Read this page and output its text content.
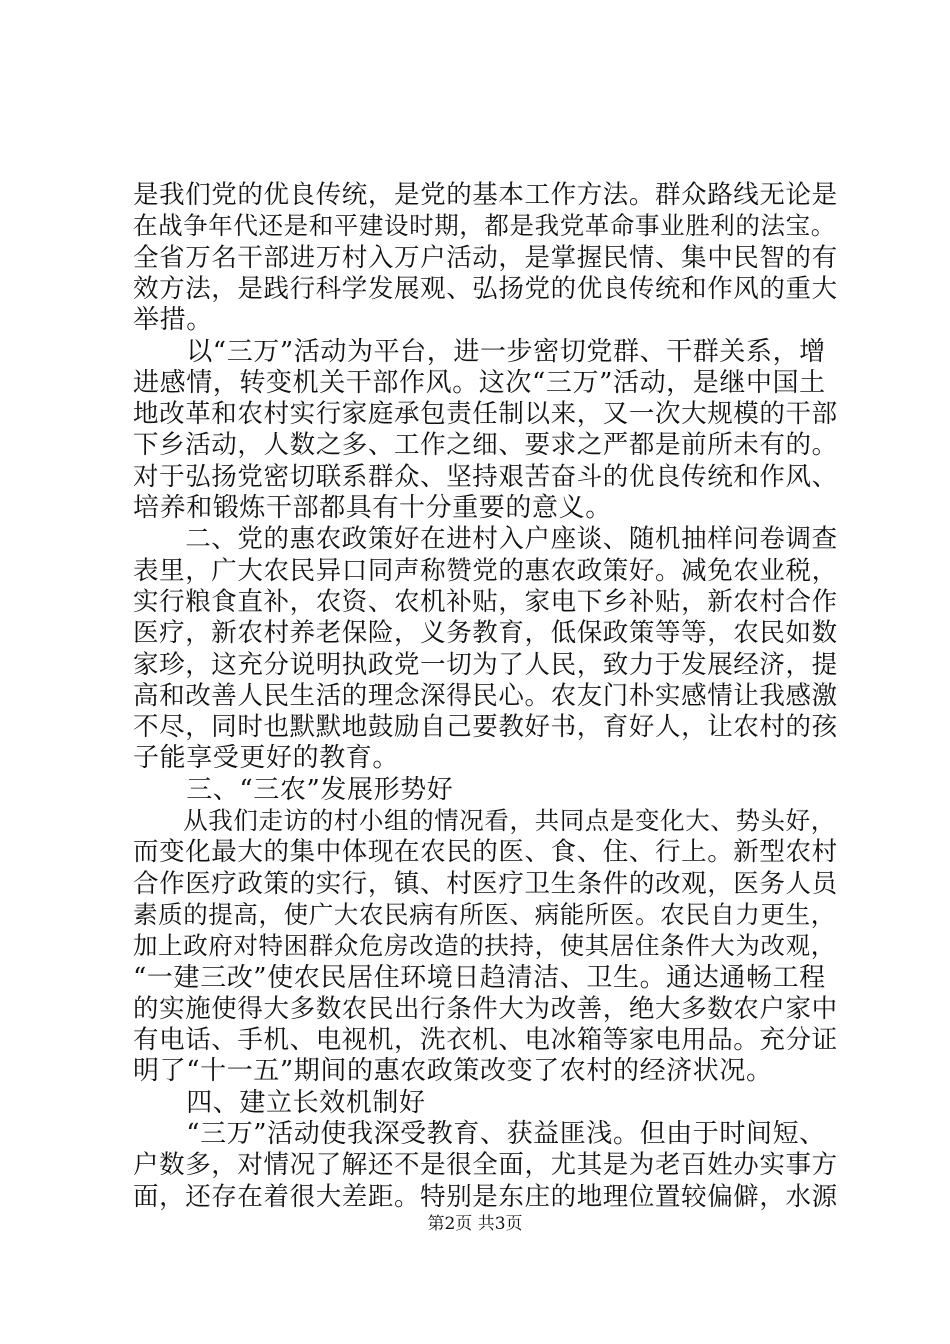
是我们党的优良传统，是党的基本工作方法。群众路线无论是
在战争年代还是和平建设时期，都是我党革命事业胜利的法宝。
全省万名干部进万村入万户活动，是掌握民情、集中民智的有
效方法，是践行科学发展观、弘扬党的优良传统和作风的重大
举措。
　　以“三万”活动为平台，进一步密切党群、干群关系，增
进感情，转变机关干部作风。这次“三万”活动，是继中国土
地改革和农村实行家庭承包责任制以来，又一次大规模的干部
下乡活动，人数之多、工作之细、要求之严都是前所未有的。
对于弘扬党密切联系群众、坚持艰苦奋斗的优良传统和作风、
培养和锻炼干部都具有十分重要的意义。
　　二、党的惠农政策好在进村入户座谈、随机抽样问卷调查
表里，广大农民异口同声称赞党的惠农政策好。减免农业税，
实行粮食直补，农资、农机补贴，家电下乡补贴，新农村合作
医疗，新农村养老保险，义务教育，低保政策等等，农民如数
家珍，这充分说明执政党一切为了人民，致力于发展经济，提
高和改善人民生活的理念深得民心。农友门朴实感情让我感激
不尽，同时也默默地鼓励自己要教好书，育好人，让农村的孩
子能享受更好的教育。
　　三、“三农”发展形势好
　　从我们走访的村小组的情况看，共同点是变化大、势头好，
而变化最大的集中体现在农民的医、食、住、行上。新型农村
合作医疗政策的实行，镇、村医疗卫生条件的改观，医务人员
素质的提高，使广大农民病有所医、病能所医。农民自力更生，
加上政府对特困群众危房改造的扶持，使其居住条件大为改观，
“一建三改”使农民居住环境日趋清洁、卫生。通达通畅工程
的实施使得大多数农民出行条件大为改善，绝大多数农户家中
有电话、手机、电视机，洗衣机、电冰箱等家电用品。充分证
明了“十一五”期间的惠农政策改变了农村的经济状况。
　　四、建立长效机制好
　　“三万”活动使我深受教育、获益匪浅。但由于时间短、
户数多，对情况了解还不是很全面，尤其是为老百姓办实事方
面，还存在着很大差距。特别是东庄的地理位置较偏僻，水源
第2页 共3页
